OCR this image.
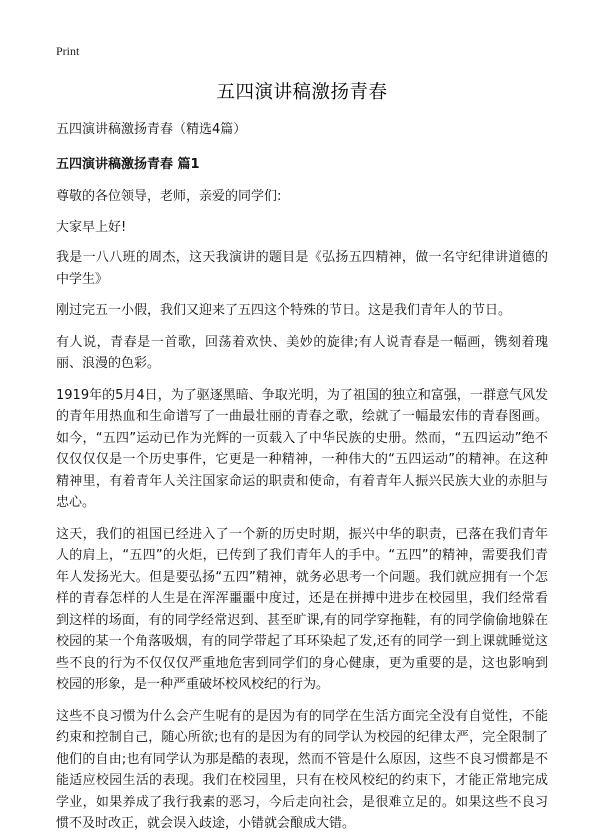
Print
五四演讲稿激扬青春
五四演讲稿激扬青春（精选4篇）
五四演讲稿激扬青春 篇1

尊敬的各位领导，老师，亲爱的同学们:

大家早上好!

我是一八八班的周杰，这天我演讲的题目是《弘扬五四精神，做一名守纪律讲道德的中学生》

刚过完五一小假，我们又迎来了五四这个特殊的节日。这是我们青年人的节日。

有人说，青春是一首歌，回荡着欢快、美妙的旋律;有人说青春是一幅画，镌刻着瑰丽、浪漫的色彩。

1919年的5月4日，为了驱逐黑暗、争取光明，为了祖国的独立和富强，一群意气风发的青年用热血和生命谱写了一曲最壮丽的青春之歌，绘就了一幅最宏伟的青春图画。如今，“五四”运动已作为光辉的一页载入了中华民族的史册。然而，“五四运动”绝不仅仅仅仅是一个历史事件，它更是一种精神，一种伟大的“五四运动”的精神。在这种精神里，有着青年人关注国家命运的职责和使命，有着青年人振兴民族大业的赤胆与忠心。

这天，我们的祖国已经进入了一个新的历史时期，振兴中华的职责，已落在我们青年人的肩上，“五四”的火炬，已传到了我们青年人的手中。“五四”的精神，需要我们青年人发扬光大。但是要弘扬“五四”精神，就务必思考一个问题。我们就应拥有一个怎样的青春怎样的人生是在浑浑噩噩中度过，还是在拼搏中进步在校园里，我们经常看到这样的场面，有的同学经常迟到、甚至旷课,有的同学穿拖鞋，有的同学偷偷地躲在校园的某一个角落吸烟，有的同学带起了耳环染起了发,还有的同学一到上课就睡觉这些不良的行为不仅仅仅严重地危害到同学们的身心健康，更为重要的是，这也影响到校园的形象，是一种严重破坏校风校纪的行为。

这些不良习惯为什么会产生呢有的是因为有的同学在生活方面完全没有自觉性，不能约束和控制自己，随心所欲;也有的是因为有的同学认为校园的纪律太严，完全限制了他们的自由;也有同学认为那是酷的表现，然而不管是什么原因，这些不良习惯都是不能适应校园生活的表现。我们在校园里，只有在校风校纪的约束下，才能正常地完成学业，如果养成了我行我素的恶习，今后走向社会，是很难立足的。如果这些不良习惯不及时改正，就会误入歧途，小错就会酿成大错。
